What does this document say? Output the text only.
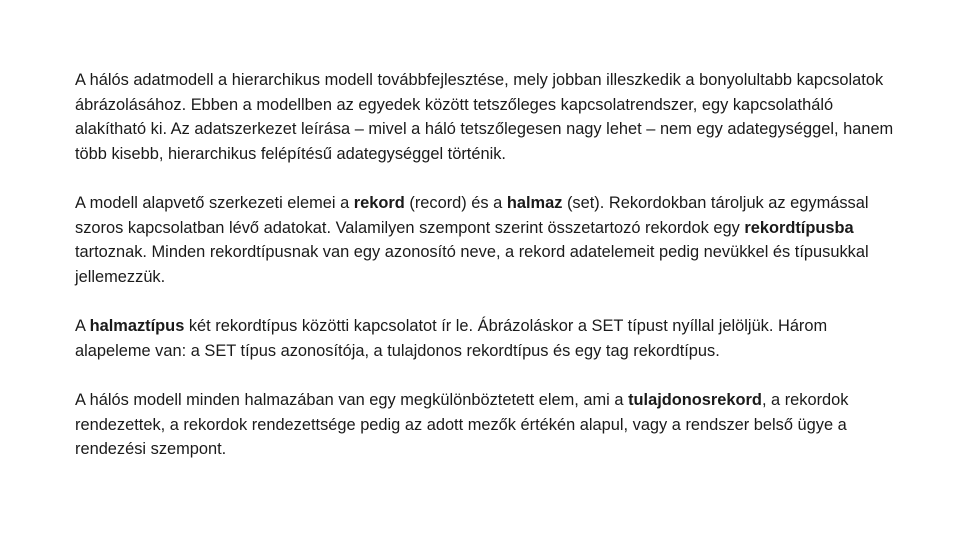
A hálós adatmodell a hierarchikus modell továbbfejlesztése, mely jobban illeszkedik a bonyolultabb kapcsolatok ábrázolásához. Ebben a modellben az egyedek között tetszőleges kapcsolatrendszer, egy kapcsolatháló alakítható ki. Az adatszerkezet leírása – mivel a háló tetszőlegesen nagy lehet – nem egy adategységgel, hanem több kisebb, hierarchikus felépítésű adategységgel történik.

A modell alapvető szerkezeti elemei a rekord (record) és a halmaz (set). Rekordokban tároljuk az egymással szoros kapcsolatban lévő adatokat. Valamilyen szempont szerint összetartozó rekordok egy rekordtípusba tartoznak. Minden rekordtípusnak van egy azonosító neve, a rekord adatelemeit pedig nevükkel és típusukkal jellemezzük.

A halmaztípus két rekordtípus közötti kapcsolatot ír le. Ábrázoláskor a SET típust nyíllal jelöljük. Három alapeleme van: a SET típus azonosítója, a tulajdonos rekordtípus és egy tag rekordtípus.

A hálós modell minden halmazában van egy megkülönböztetett elem, ami a tulajdonosrekord, a rekordok rendezettek, a rekordok rendezettsége pedig az adott mezők értékén alapul, vagy a rendszer belső ügye a rendezési szempont.
